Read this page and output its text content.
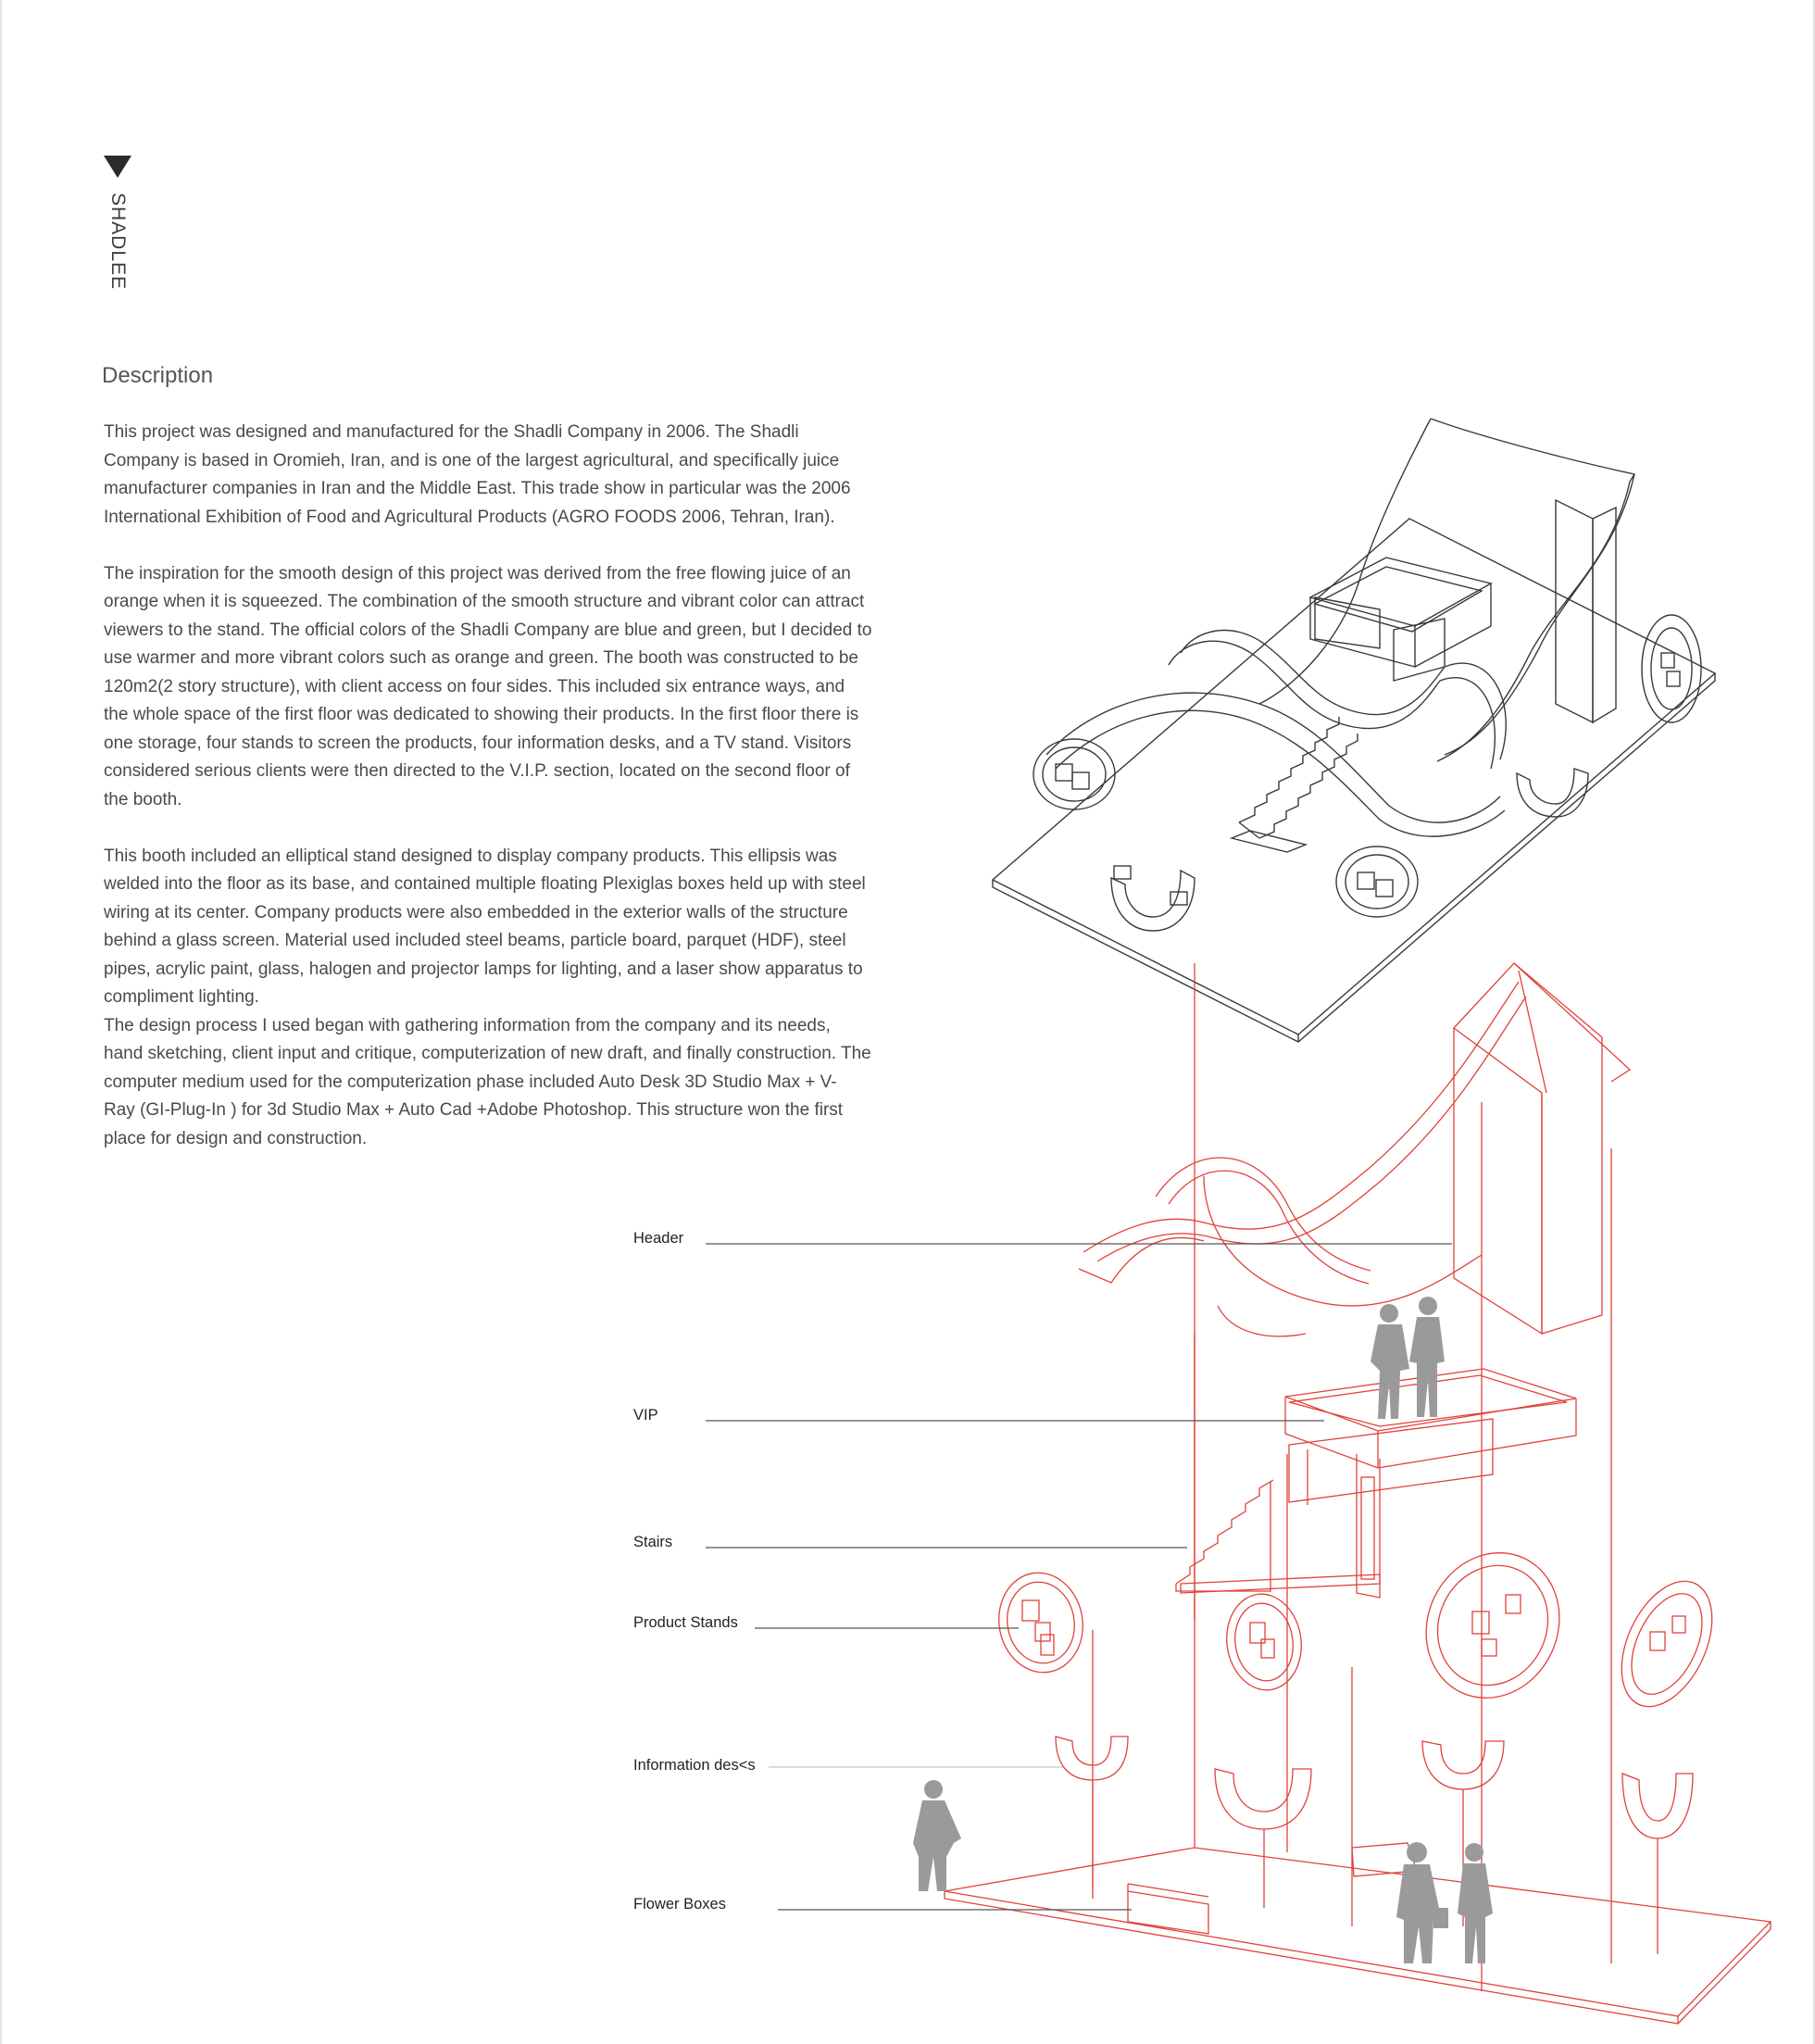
SHADLEE
Description

This project was designed and manufactured for the Shadli Company in 2006. The Shadli Company is based in Oromieh, Iran, and is one of the largest agricultural, and specifically juice manufacturer companies in Iran and the Middle East. This trade show in particular was the 2006 International Exhibition of Food and Agricultural Products (AGRO FOODS 2006, Tehran, Iran).

The inspiration for the smooth design of this project was derived from the free flowing juice of an orange when it is squeezed. The combination of the smooth structure and vibrant color can attract viewers to the stand. The official colors of the Shadli Company are blue and green, but I decided to use warmer and more vibrant colors such as orange and green. The booth was constructed to be 120m2(2 story structure), with client access on four sides. This included six entrance ways, and the whole space of the first floor was dedicated to showing their products. In the first floor there is one storage, four stands to screen the products, four information desks, and a TV stand. Visitors considered serious clients were then directed to the V.I.P. section, located on the second floor of the booth.

This booth included an elliptical stand designed to display company products. This ellipsis was welded into the floor as its base, and contained multiple floating Plexiglas boxes held up with steel wiring at its center. Company products were also embedded in the exterior walls of the structure behind a glass screen. Material used included steel beams, particle board, parquet (HDF), steel pipes, acrylic paint, glass, halogen and projector lamps for lighting, and a laser show apparatus to compliment lighting.

The design process I used began with gathering information from the company and its needs, hand sketching, client input and critique, computerization of new draft, and finally construction. The computer medium used for the computerization phase included Auto Desk 3D Studio Max + V- Ray (GI-Plug-In ) for 3d Studio Max + Auto Cad +Adobe Photoshop. This structure won the first place for design and construction.

Header
VIP
Stairs
Product Stands
Information des<s
Flower Boxes
